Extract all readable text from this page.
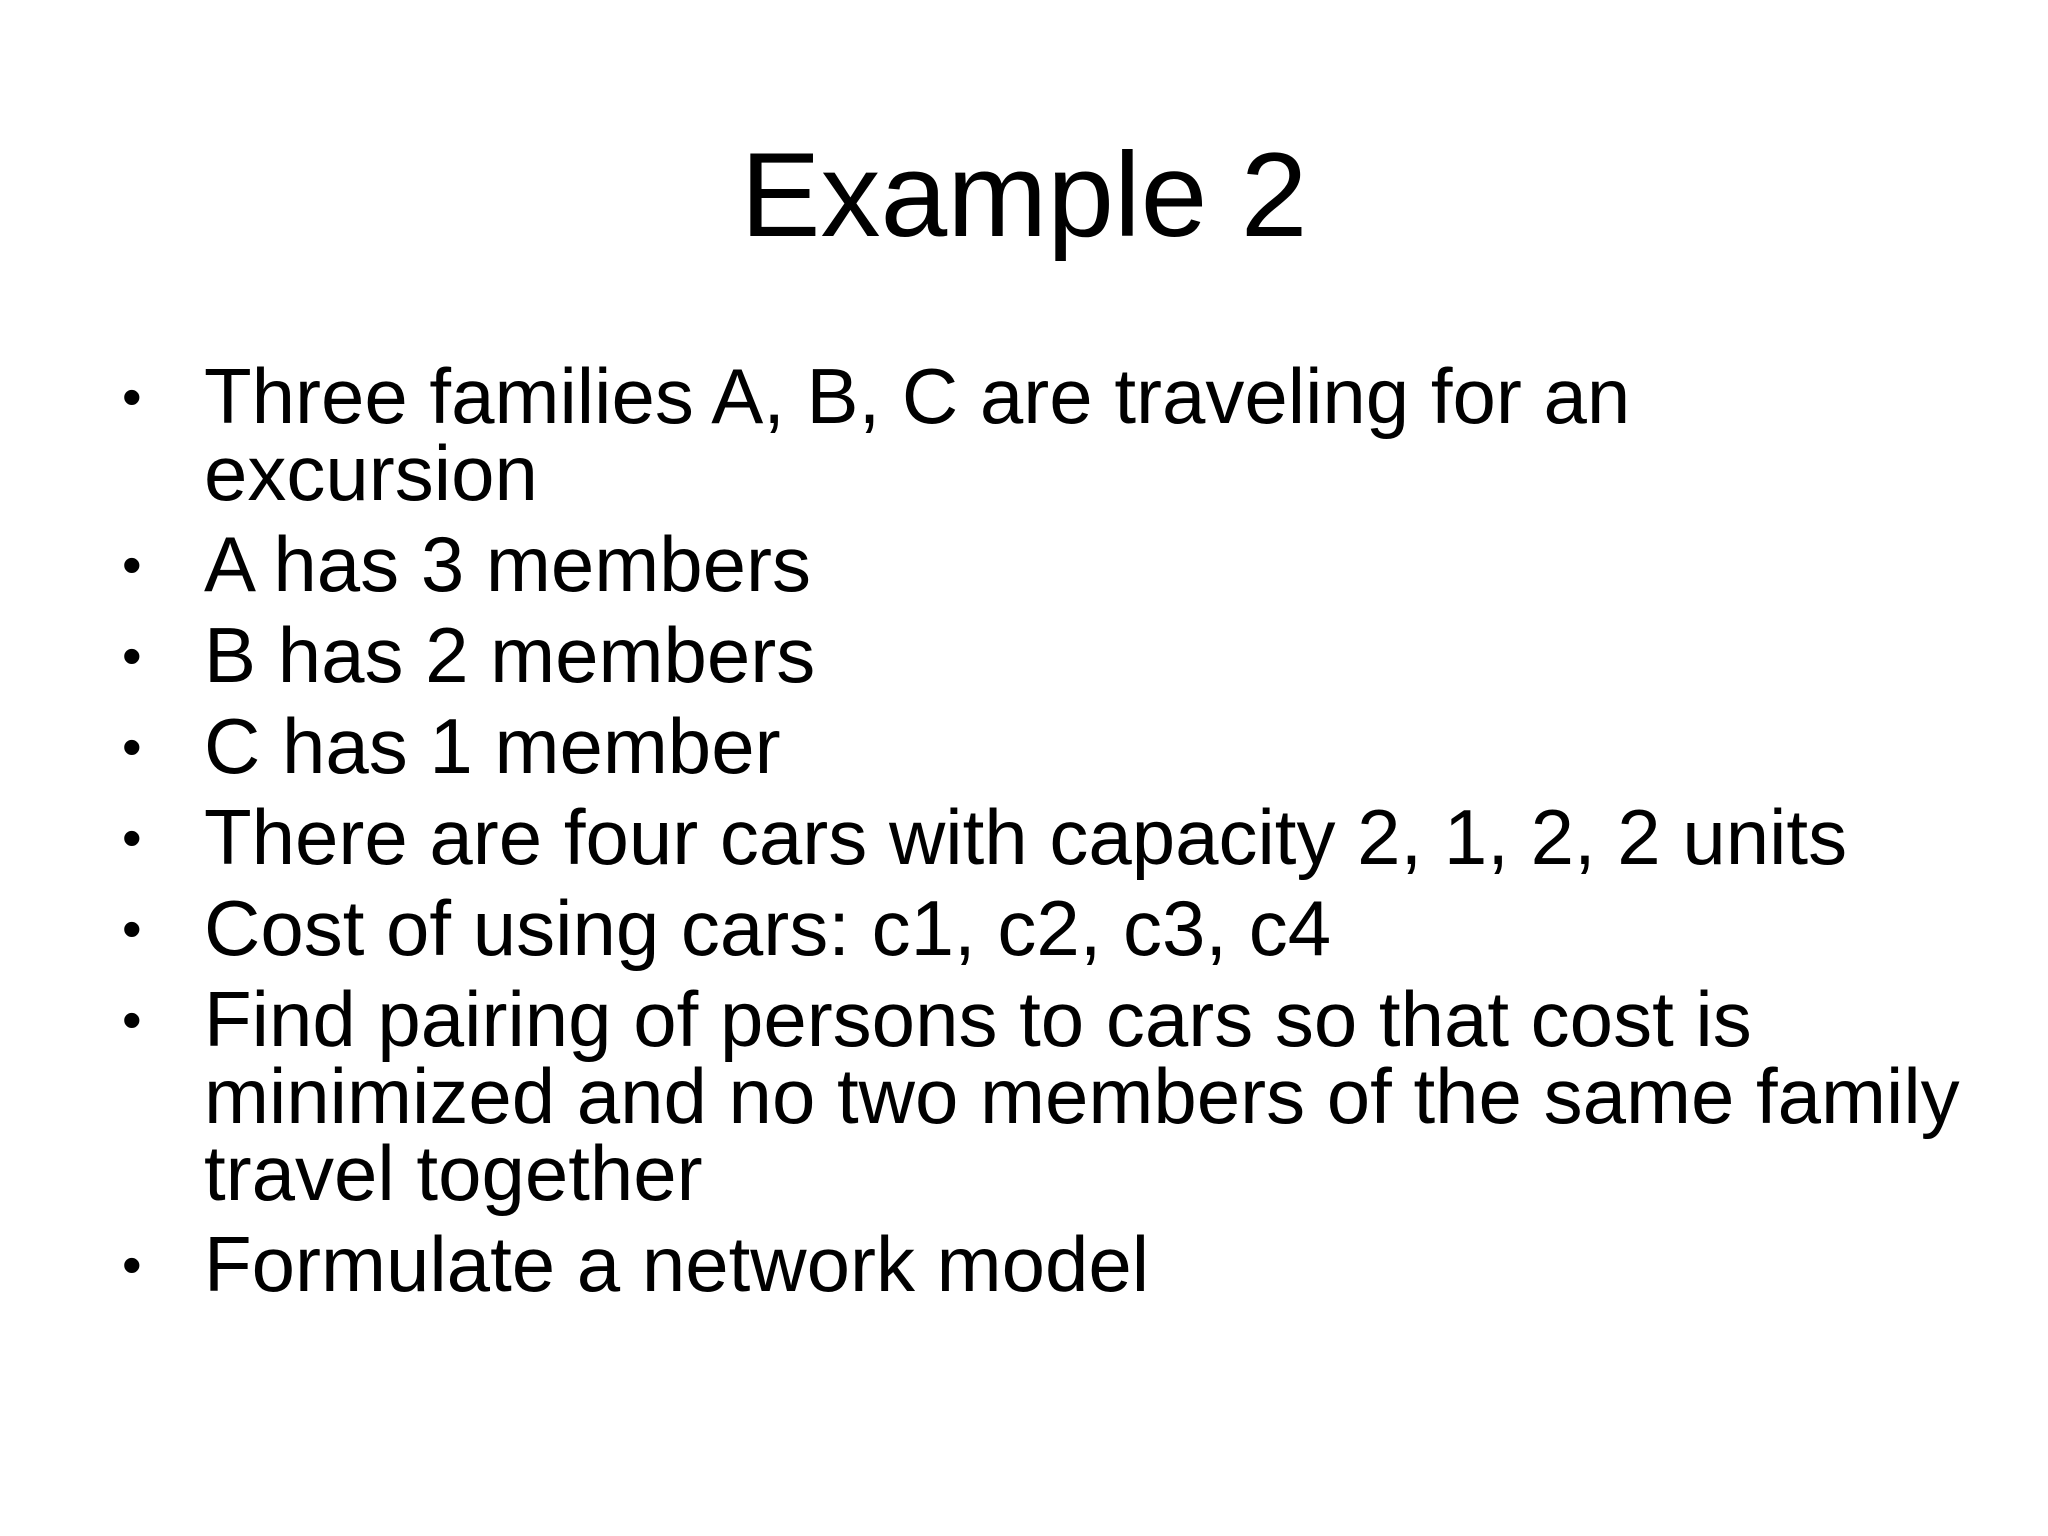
Example 2
• Three families A, B, C are traveling for an excursion
• A has 3 members
• B has 2 members
• C has 1 member
• There are four cars with capacity 2, 1, 2, 2 units
• Cost of using cars: c1, c2, c3, c4
• Find pairing of persons to cars so that cost is minimized and no two members of the same family travel together
• Formulate a network model
